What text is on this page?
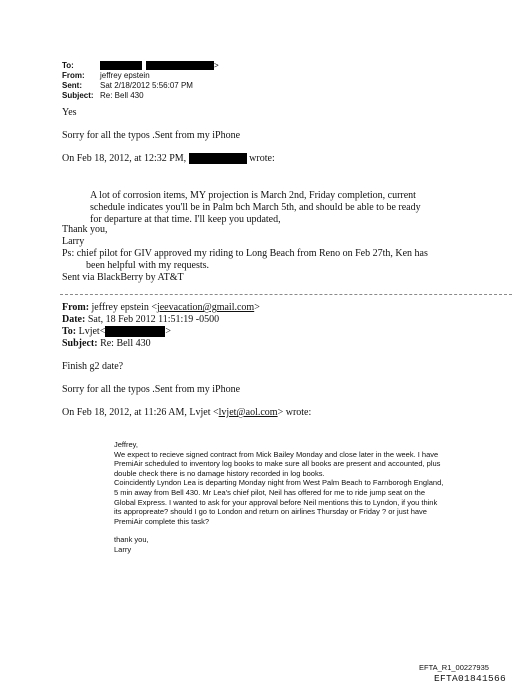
To:	>
From:	jeffrey epstein
Sent:	Sat 2/18/2012 5:56:07 PM
Subject: Re: Bell 430
Yes
Sorry for all the typos .Sent from my iPhone
On Feb 18, 2012, at 12:32 PM,	wrote:
A lot of corrosion items, MY projection is March 2nd, Friday completion, current
schedule indicates you'll be in Palm bch March 5th, and should be able to be ready
for departure at that time. I'll keep you updated,
Thank you,
Larry
Ps: chief pilot for GIV approved my riding to Long Beach from Reno on Feb 27th, Ken has been helpful with my requests.
Sent via BlackBerry by AT&T
From: jeffrey epstein <jeevacation@gmail.com>
Date: Sat, 18 Feb 2012 11:51:19 -0500
To: Lvjet<	>
Subject: Re: Bell 430
Finish g2 date?
Sorry for all the typos .Sent from my iPhone
On Feb 18, 2012, at 11:26 AM, Lvjet <lvjet@aol.com> wrote:

Jeffrey,

We expect to recieve signed contract from Mick Bailey Monday and close later in the week. I have PremiAir scheduled to inventory log books to make sure all books are present and accounted, plus double check there is no damage history recorded in log books.

Coincidently Lyndon Lea is departing Monday night from West Palm Beach to Farnborogh England, 5 min away from Bell 430. Mr Lea's chief pilot, Neil has offered for me to ride jump seat on the Global Express. I wanted to ask for your approval before Neil mentions this to Lyndon, if you think its appropreate? should I go to London and return on airlines Thursday or Friday ? or just have PremiAir complete this task?

thank you,

Larry

EFTA_R1_00227935
EFTA01841566
